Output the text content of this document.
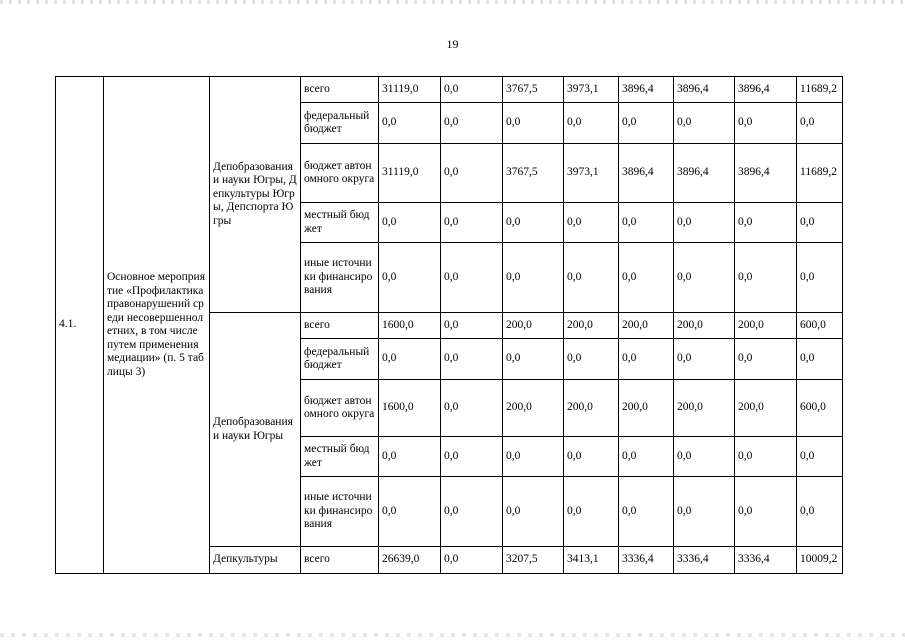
19
4.1.	Основное мероприятие «Профилактика правонарушений среди несовершеннолетних, в том числе путем применения медиации» (п. 5 таблицы 3)	Депобразования и науки Югры, Депкультуры Югры, Депспорта Югры	всего	31119,0	0,0	3767,5	3973,1	3896,4	3896,4	3896,4	11689,2
			федеральный бюджет	0,0	0,0	0,0	0,0	0,0	0,0	0,0	0,0
			бюджет автономного округа	31119,0	0,0	3767,5	3973,1	3896,4	3896,4	3896,4	11689,2
			местный бюджет	0,0	0,0	0,0	0,0	0,0	0,0	0,0	0,0
			иные источники финансирования	0,0	0,0	0,0	0,0	0,0	0,0	0,0	0,0
		Депобразования и науки Югры	всего	1600,0	0,0	200,0	200,0	200,0	200,0	200,0	600,0
			федеральный бюджет	0,0	0,0	0,0	0,0	0,0	0,0	0,0	0,0
			бюджет автономного округа	1600,0	0,0	200,0	200,0	200,0	200,0	200,0	600,0
			местный бюджет	0,0	0,0	0,0	0,0	0,0	0,0	0,0	0,0
			иные источники финансирования	0,0	0,0	0,0	0,0	0,0	0,0	0,0	0,0
		Депкультуры	всего	26639,0	0,0	3207,5	3413,1	3336,4	3336,4	3336,4	10009,2
